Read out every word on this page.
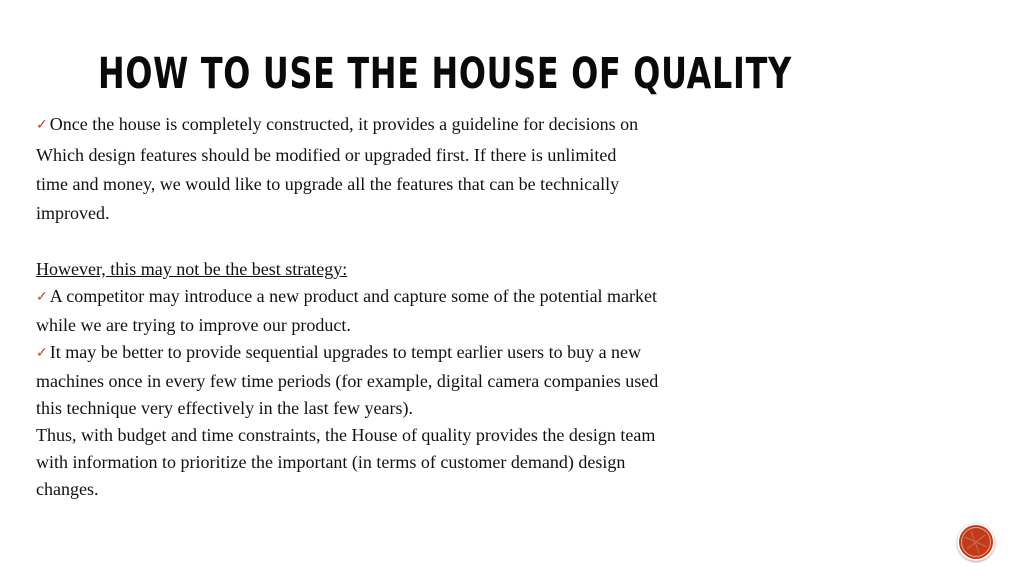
HOW TO USE THE HOUSE OF QUALITY
✓ Once the house is completely constructed, it provides a guideline for decisions on
Which design features should be modified or upgraded first. If there is unlimited
time and money, we would like to upgrade all the features that can be technically
improved.
However, this may not be the best strategy:
✓ A competitor may introduce a new product and capture some of the potential market
while we are trying to improve our product.
✓ It may be better to provide sequential upgrades to tempt earlier users to buy a new
machines once in every few time periods (for example, digital camera companies used
this technique very effectively in the last few years).
Thus, with budget and time constraints, the House of quality provides the design team
with information to prioritize the important (in terms of customer demand) design
changes.
